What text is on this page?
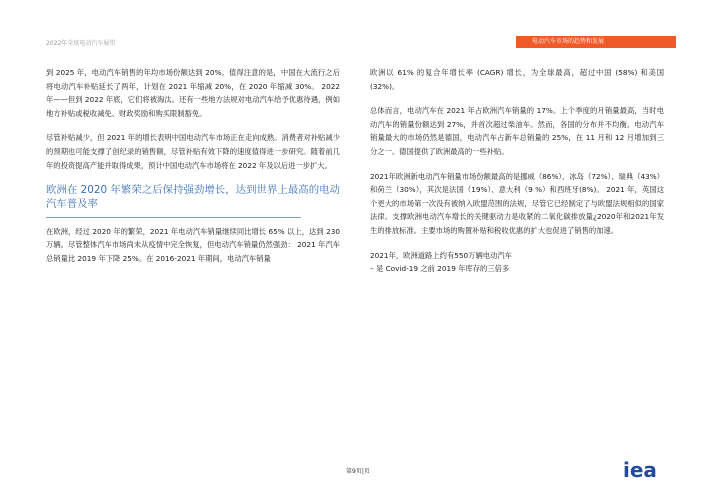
2022年全球电动汽车展望	电动汽车市场的趋势和发展

到 2025 年，电动汽车销售的年均市场份额达到 20%。值得注意的是，中国在大流行之后将电动汽车补贴延长了两年，计划在 2021 年缩减 20%，在 2020 年缩减 30%。 2022 年——但到 2022 年底，它们将被淘汰。还有一些地方法规对电动汽车给予优惠待遇，例如地方补贴或税收减免、财政奖励和购买限制豁免。

尽管补贴减少，但 2021 年的增长表明中国电动汽车市场正在走向成熟。消费者对补贴减少的预期也可能支撑了创纪录的销售额，尽管补贴有效下降的速度值得进一步研究。随着前几年的投资提高产能并取得成果，预计中国电动汽车市场将在 2022 年及以后进一步扩大。

欧洲在 2020 年繁荣之后保持强劲增长，达到世界上最高的电动汽车普及率

在欧洲，经过 2020 年的繁荣，2021 年电动汽车销量继续同比增长 65% 以上，达到 230 万辆。尽管整体汽车市场尚未从疫情中完全恢复，但电动汽车销量仍然强劲： 2021 年汽车总销量比 2019 年下降 25%。在 2016-2021 年期间，电动汽车销量

欧洲以 61% 的复合年增长率 (CAGR) 增长，为全球最高，超过中国 (58%) 和美国 (32%)。

总体而言，电动汽车在 2021 年占欧洲汽车销量的 17%。上个季度的月销量最高，当时电动汽车的销量份额达到 27%，并首次超过柴油车。然而，各国的分布并不均衡。电动汽车销量最大的市场仍然是德国，电动汽车占新车总销量的 25%，在 11 月和 12 月增加到三分之一。德国提供了欧洲最高的一些补贴。

2021年欧洲新电动汽车销量市场份额最高的是挪威（86%）、冰岛（72%）、瑞典（43%）和荷兰（30%），其次是法国（19%）、意大利（9 %）和西班牙(8%)。 2021 年，英国这个更大的市场第一次没有被纳入欧盟范围的法规，尽管它已经制定了与欧盟法规相似的国家法律。支撑欧洲电动汽车增长的关键驱动力是收紧的二氧化碳排放量¿2020年和2021年发生的排放标准。主要市场的购置补贴和税收优惠的扩大也促进了销售的加速。

2021年，欧洲道路上约有550万辆电动汽车
– 是 Covid-19 之前 2019 年库存的三倍多
第9页|页	iea
